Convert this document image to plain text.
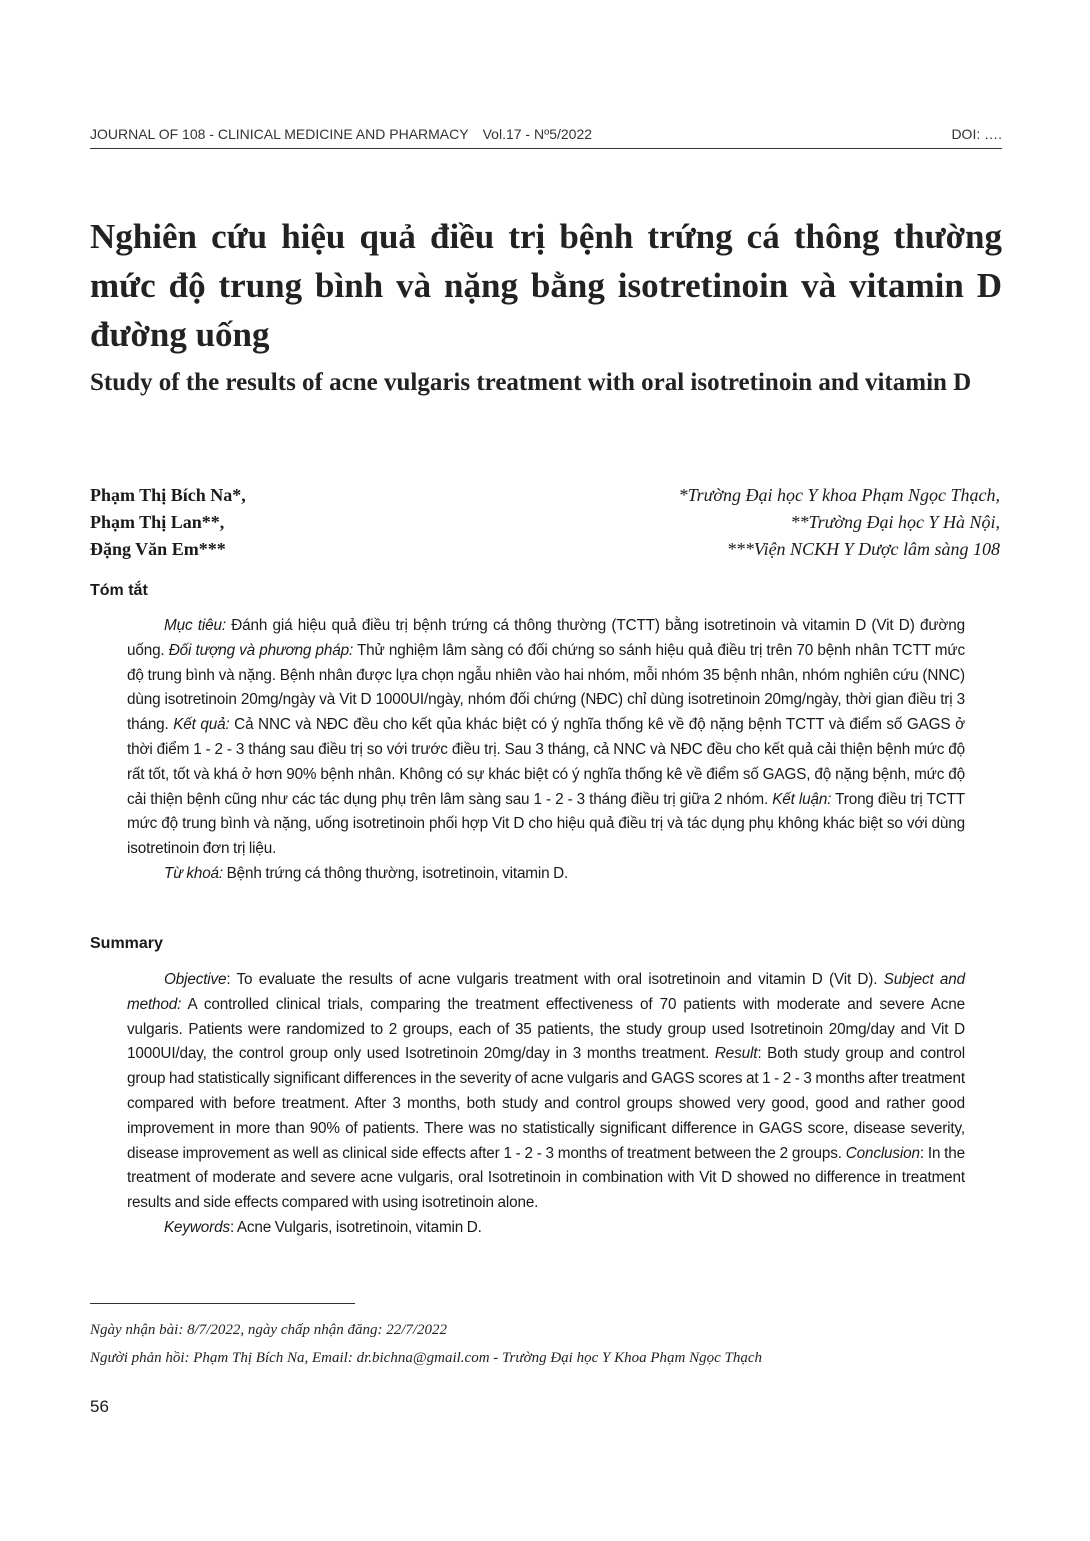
JOURNAL OF 108 - CLINICAL MEDICINE AND PHARMACY Vol.17 - Nº5/2022	DOI: ….
Nghiên cứu hiệu quả điều trị bệnh trứng cá thông thường mức độ trung bình và nặng bằng isotretinoin và vitamin D đường uống
Study of the results of acne vulgaris treatment with oral isotretinoin and vitamin D
Phạm Thị Bích Na*,	*Trường Đại học Y khoa Phạm Ngọc Thạch,
Phạm Thị Lan**,	**Trường Đại học Y Hà Nội,
Đặng Văn Em***	***Viện NCKH Y Dược lâm sàng 108
Tóm tắt
Mục tiêu: Đánh giá hiệu quả điều trị bệnh trứng cá thông thường (TCTT) bằng isotretinoin và vitamin D (Vit D) đường uống. Đối tượng và phương pháp: Thử nghiệm lâm sàng có đối chứng so sánh hiệu quả điều trị trên 70 bệnh nhân TCTT mức độ trung bình và nặng. Bệnh nhân được lựa chọn ngẫu nhiên vào hai nhóm, mỗi nhóm 35 bệnh nhân, nhóm nghiên cứu (NNC) dùng isotretinoin 20mg/ngày và Vit D 1000UI/ngày, nhóm đối chứng (NĐC) chỉ dùng isotretinoin 20mg/ngày, thời gian điều trị 3 tháng. Kết quả: Cả NNC và NĐC đều cho kết qủa khác biệt có ý nghĩa thống kê về độ nặng bệnh TCTT và điểm số GAGS ở thời điểm 1 - 2 - 3 tháng sau điều trị so với trước điều trị. Sau 3 tháng, cả NNC và NĐC đều cho kết quả cải thiện bệnh mức độ rất tốt, tốt và khá ở hơn 90% bệnh nhân. Không có sự khác biệt có ý nghĩa thống kê về điểm số GAGS, độ nặng bệnh, mức độ cải thiện bệnh cũng như các tác dụng phụ trên lâm sàng sau 1 - 2 - 3 tháng điều trị giữa 2 nhóm. Kết luận: Trong điều trị TCTT mức độ trung bình và nặng, uống isotretinoin phối hợp Vit D cho hiệu quả điều trị và tác dụng phụ không khác biệt so với dùng isotretinoin đơn trị liệu.
Từ khoá: Bệnh trứng cá thông thường, isotretinoin, vitamin D.
Summary
Objective: To evaluate the results of acne vulgaris treatment with oral isotretinoin and vitamin D (Vit D). Subject and method: A controlled clinical trials, comparing the treatment effectiveness of 70 patients with moderate and severe Acne vulgaris. Patients were randomized to 2 groups, each of 35 patients, the study group used Isotretinoin 20mg/day and Vit D 1000UI/day, the control group only used Isotretinoin 20mg/day in 3 months treatment. Result: Both study group and control group had statistically significant differences in the severity of acne vulgaris and GAGS scores at 1 - 2 - 3 months after treatment compared with before treatment. After 3 months, both study and control groups showed very good, good and rather good improvement in more than 90% of patients. There was no statistically significant difference in GAGS score, disease severity, disease improvement as well as clinical side effects after 1 - 2 - 3 months of treatment between the 2 groups. Conclusion: In the treatment of moderate and severe acne vulgaris, oral Isotretinoin in combination with Vit D showed no difference in treatment results and side effects compared with using isotretinoin alone.
Keywords: Acne Vulgaris, isotretinoin, vitamin D.

Ngày nhận bài: 8/7/2022, ngày chấp nhận đăng: 22/7/2022

Người phản hồi: Phạm Thị Bích Na, Email: dr.bichna@gmail.com - Trường Đại học Y Khoa Phạm Ngọc Thạch

56
